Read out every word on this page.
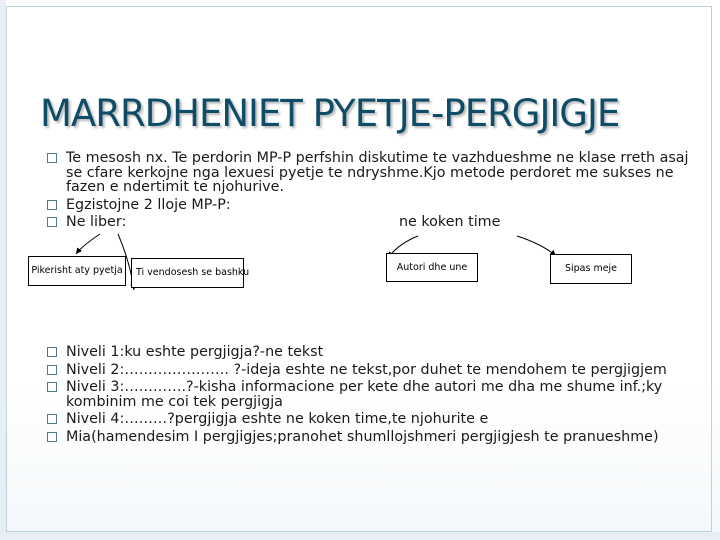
MARRDHENIET PYETJE-PERGJIGJE
Te mesosh nx. Te perdorin MP-P perfshin diskutime te vazhdueshme ne klase rreth asaj se cfare kerkojne nga lexuesi pyetje te ndryshme.Kjo metode perdoret me sukses ne fazen e ndertimit te njohurive.
Egzistojne 2 lloje MP-P:
Ne liber:	ne koken time
Pikerisht aty pyetja Ti vendosesh se bashku	Autori dhe une	Sipas meje
Niveli 1:ku eshte pergjigja?-ne tekst
Niveli 2:…………………. ?-ideja eshte ne tekst,por duhet te mendohem te pergjigjem
Niveli 3:………….?-kisha informacione per kete dhe autori me dha me shume inf.;ky kombinim me coi tek pergjigja
Niveli 4:………?pergjigja eshte ne koken time,te njohurite e
Mia(hamendesim I pergjigjes;pranohet shumllojshmeri pergjigjesh te pranueshme)
